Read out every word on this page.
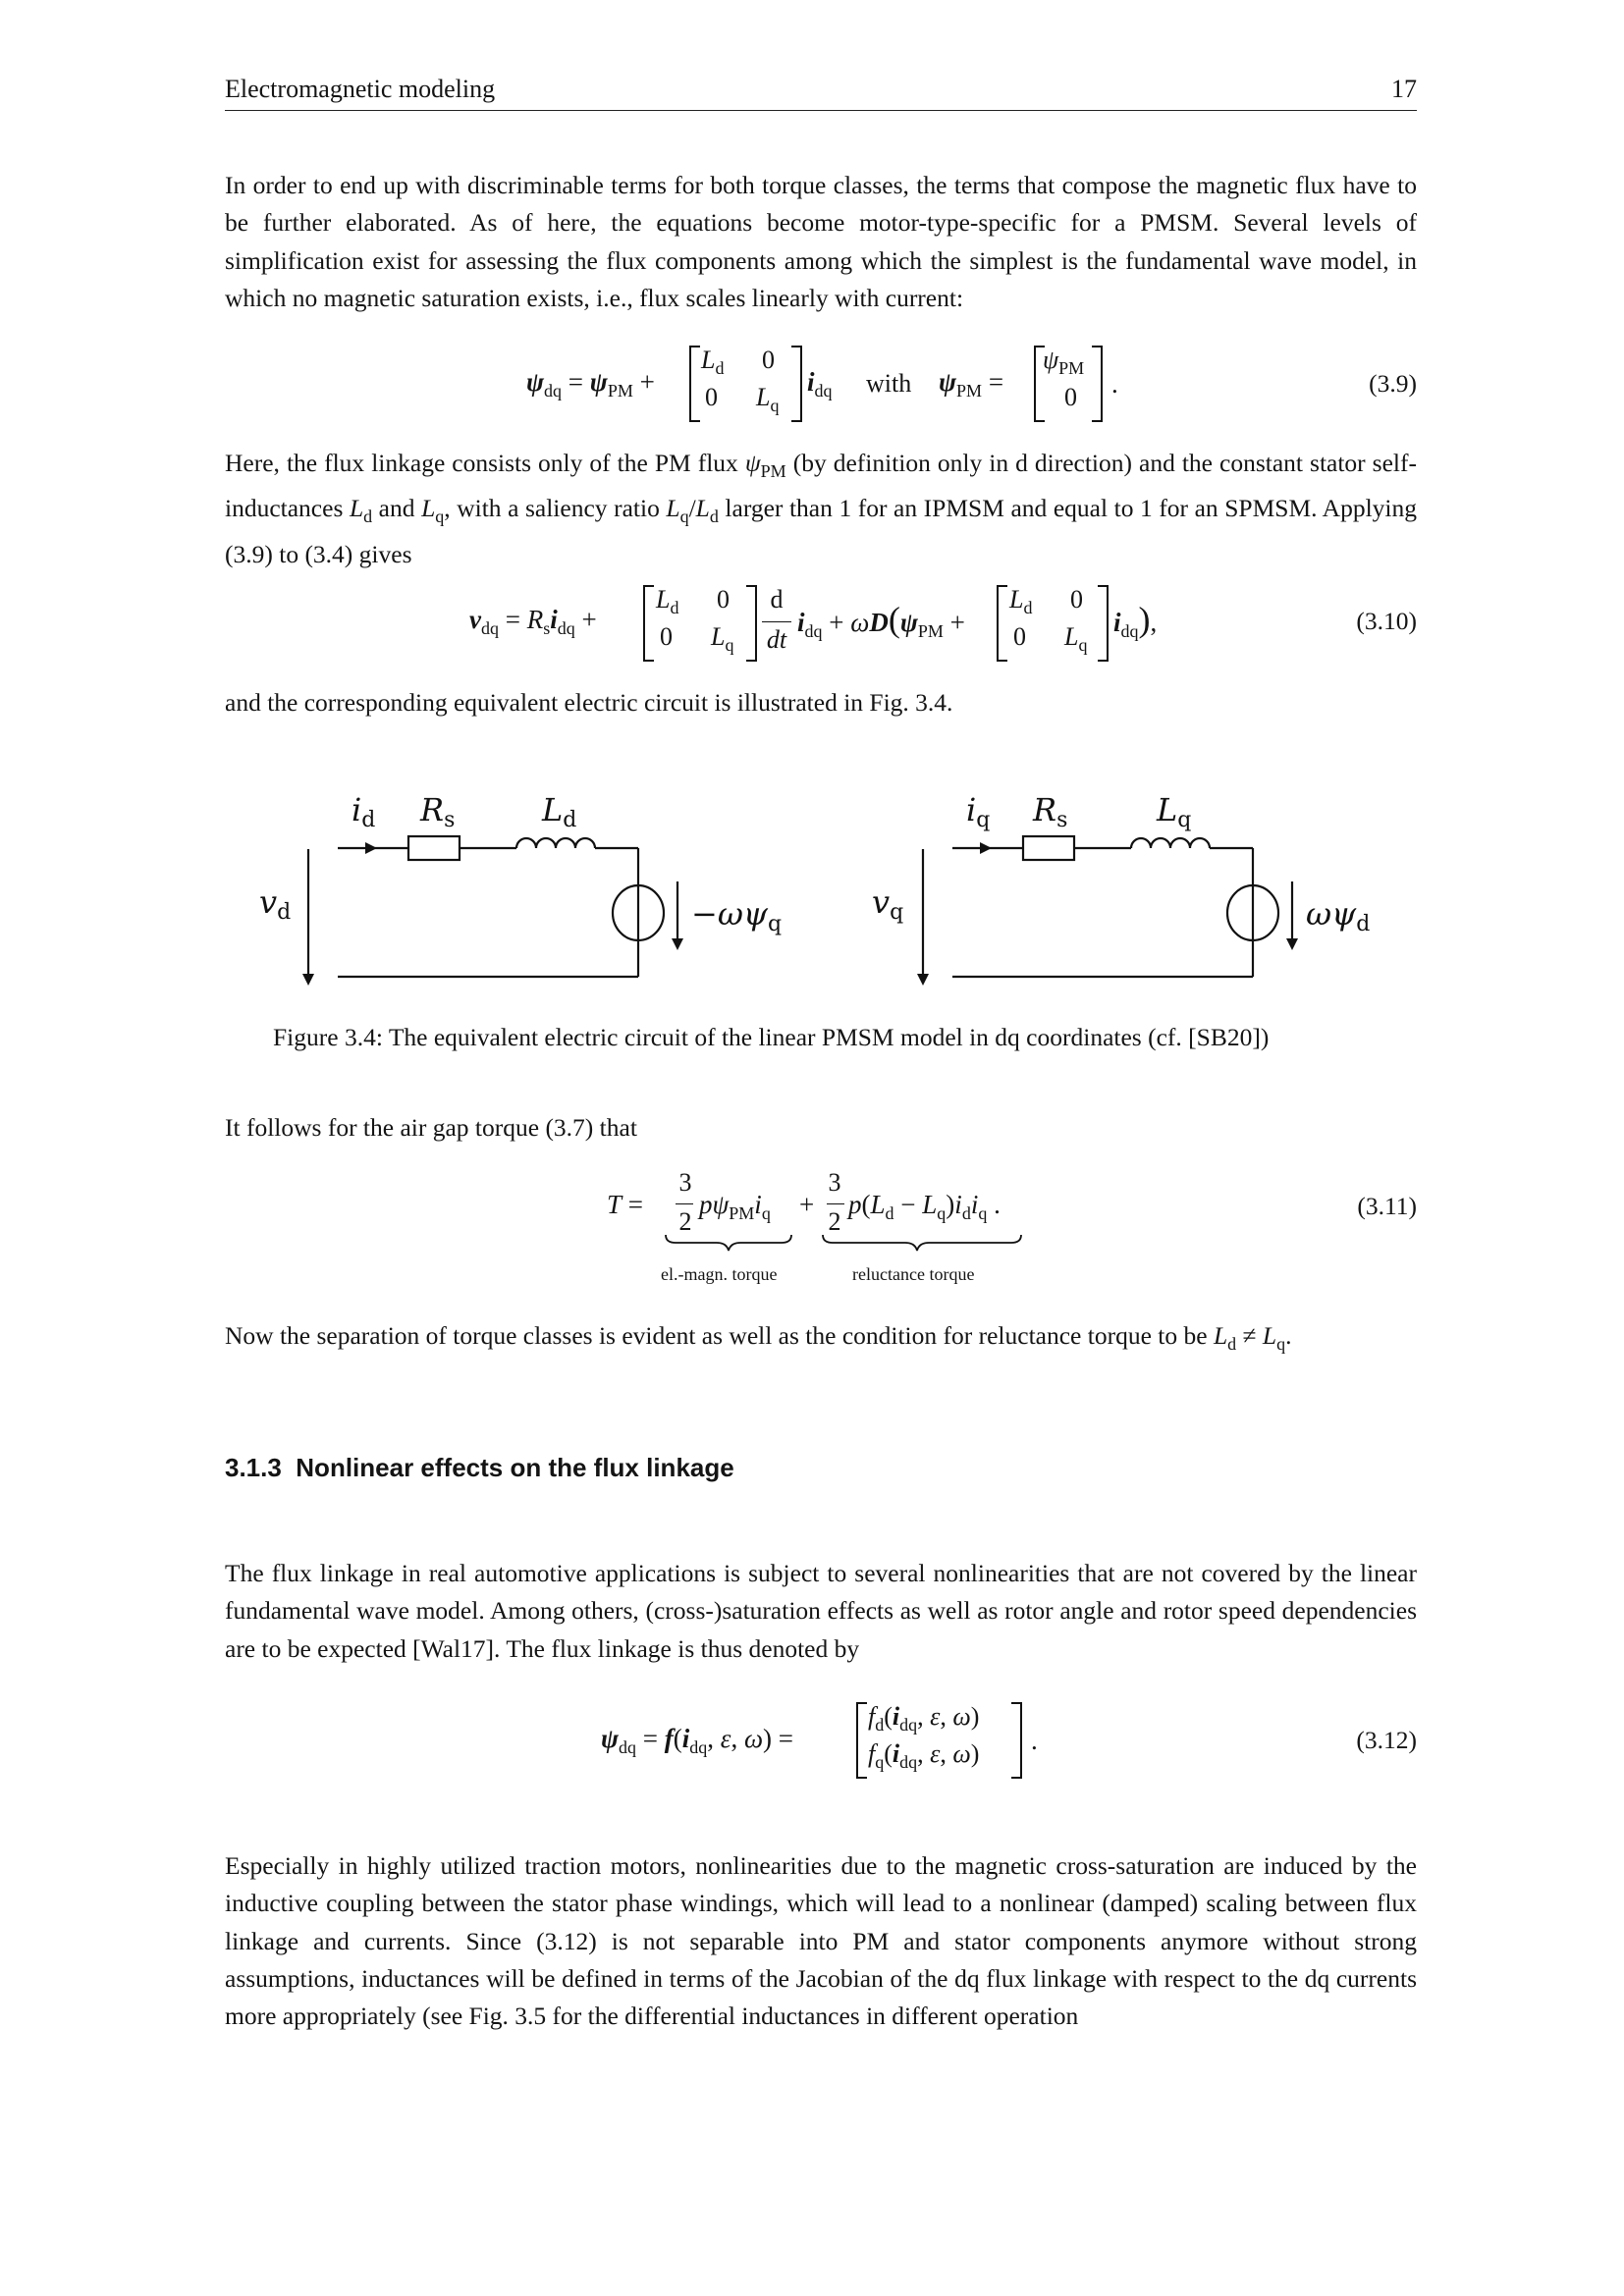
Electromagnetic modeling	17
In order to end up with discriminable terms for both torque classes, the terms that compose the magnetic flux have to be further elaborated. As of here, the equations become motor-type-specific for a PMSM. Several levels of simplification exist for assessing the flux components among which the simplest is the fundamental wave model, in which no magnetic saturation exists, i.e., flux scales linearly with current:
$\psi_{dq} = \psi_{PM}$ +
$L_d$ 0
0 $L_q$
$i_{dq}$ with $\psi_{PM}$ =
$\psi_{PM}$
0 .	(3.9)
Here, the flux linkage consists only of the PM flux $\psi_{PM}$ (by definition only in d direction) and the constant stator self-inductances $L_d$ and $L_q$, with a saliency ratio $L_q/L_d$ larger than 1 for an IPMSM and equal to 1 for an SPMSM. Applying (3.9) to (3.4) gives
$v_{dq} = R_si_{dq}$ +
$L_d$ 0
0 $L_q$
d
dt
$i_{dq} + \omega D(\psi_{PM}$ +
$L_d$ 0
0 $L_q$
$i_{dq}$),	(3.10)
and the corresponding equivalent electric circuit is illustrated in Fig. 3.4.
id Rs	Ld
vd	−ωψq
iq Rs	Lq
vq	ωψd
Figure 3.4: The equivalent electric circuit of the linear PMSM model in dq coordinates (cf. [SB20])
It follows for the air gap torque (3.7) that
T =
3
2
$p\psi_{PM}i_q$ +
3
2
$p(L_d - L_q)i_di_q$ .
el.-magn. torque	reluctance torque
(3.11)
Now the separation of torque classes is evident as well as the condition for reluctance torque to be $L_d \ne L_q$.
3.1.3 Nonlinear effects on the flux linkage
The flux linkage in real automotive applications is subject to several nonlinearities that are not covered by the linear fundamental wave model. Among others, (cross-)saturation effects as well as rotor angle and rotor speed dependencies are to be expected [Wal17]. The flux linkage is thus denoted by
$\psi_{dq} = f(i_{dq}$, ε, ω) =
$f_d(i_{dq}$, ε, ω)
$f_q(i_{dq}$, ε, ω) .	(3.12)
Especially in highly utilized traction motors, nonlinearities due to the magnetic cross-saturation are induced by the inductive coupling between the stator phase windings, which will lead to a nonlinear (damped) scaling between flux linkage and currents. Since (3.12) is not separable into PM and stator components anymore without strong assumptions, inductances will be defined in terms of the Jacobian of the dq flux linkage with respect to the dq currents more appropriately (see Fig. 3.5 for the differential inductances in different operation
